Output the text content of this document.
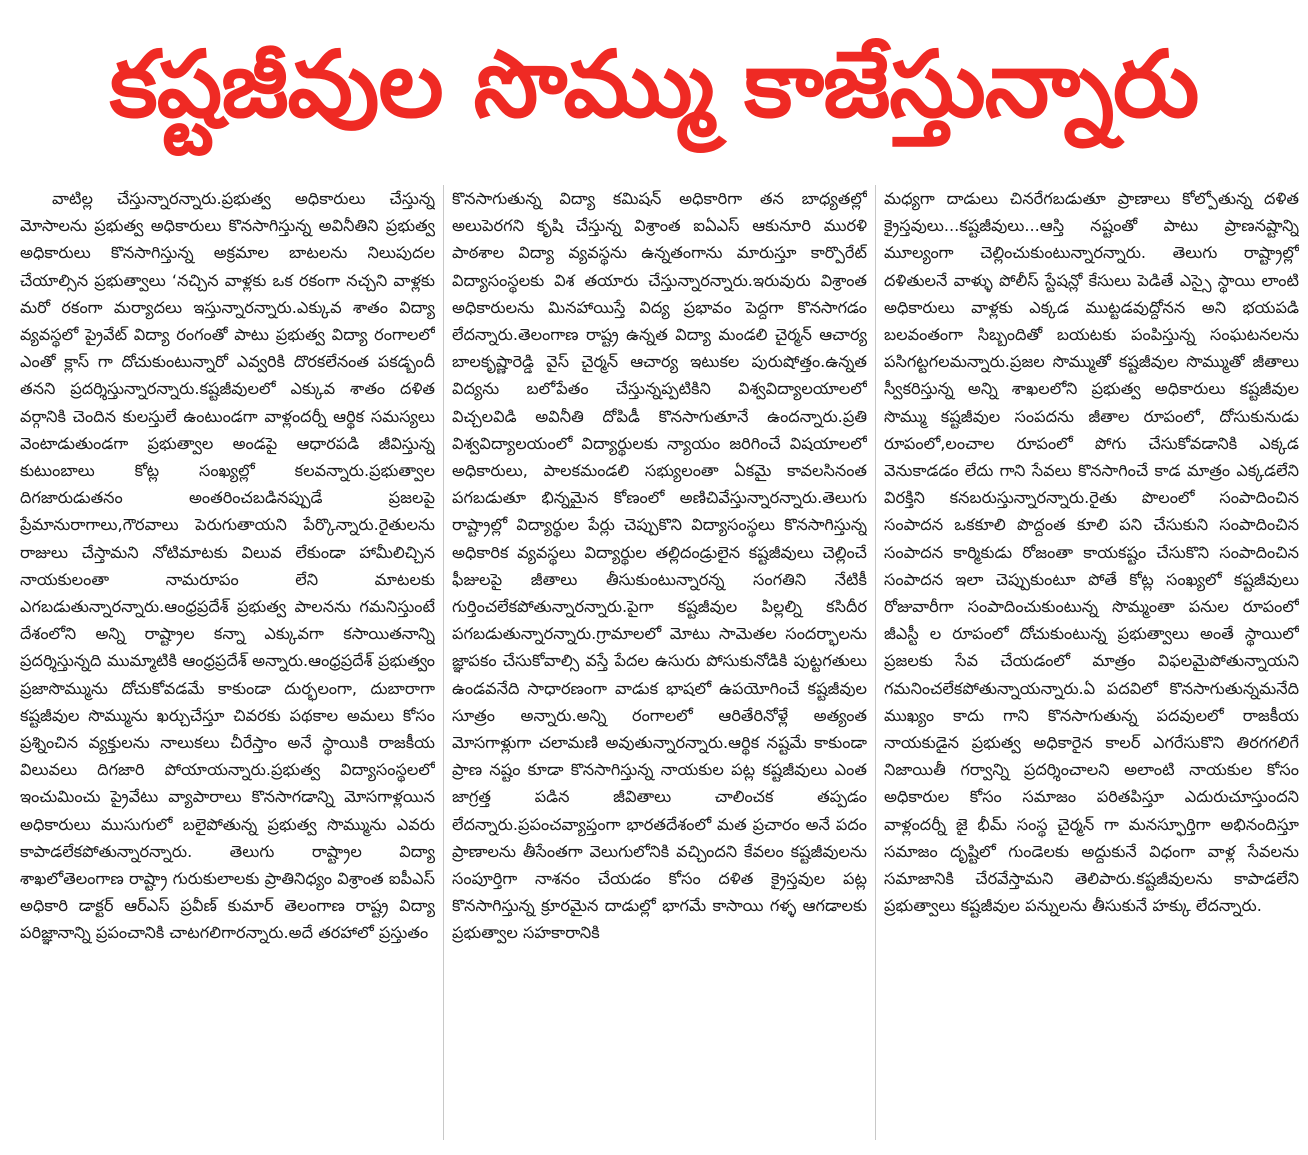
కష్టజీవుల సొమ్ము కాజేస్తున్నారు

వాటిల్ల చేస్తున్నారన్నారు.ప్రభుత్వ అధికారులు చేస్తున్న మోసాలను ప్రభుత్వ అధికారులు కొనసాగిస్తున్న అవినీతిని ప్రభుత్వ అధికారులు కొనసాగిస్తున్న అక్రమాల బాటలను నిలుపుదల చేయాల్సిన ప్రభుత్వాలు ‘నచ్చిన వాళ్లకు ఒక రకంగా నచ్చని వాళ్లకు మరో రకంగా మర్యాదలు ఇస్తున్నారన్నారు.ఎక్కువ శాతం విద్యా వ్యవస్థలో ప్రైవేట్ విద్యా రంగంతో పాటు ప్రభుత్వ విద్యా రంగాలలో ఎంతో క్లాస్ గా దోచుకుంటున్నారో ఎవ్వరికి దొరకలేనంత పకడ్బందీ తనని ప్రదర్శిస్తున్నారన్నారు.కష్టజీవులలో ఎక్కువ శాతం దళిత వర్గానికి చెందిన కులస్తులే ఉంటుండగా వాళ్లందర్నీ ఆర్థిక సమస్యలు వెంటాడుతుండగా ప్రభుత్వాల అండపై ఆధారపడి జీవిస్తున్న కుటుంబాలు కోట్ల సంఖ్యల్లో కలవన్నారు.ప్రభుత్వాల దిగజారుడుతనం అంతరించబడినప్పుడే ప్రజలపై ప్రేమానురాగాలు,గౌరవాలు పెరుగుతాయని పేర్కొన్నారు.రైతులను రాజులు చేస్తామని నోటిమాటకు విలువ లేకుండా హామీలిచ్చిన నాయకులంతా నామరూపం లేని మాటలకు ఎగబడుతున్నారన్నారు.ఆంధ్రప్రదేశ్ ప్రభుత్వ పాలనను గమనిస్తుంటే దేశంలోని అన్ని రాష్ట్రాల కన్నా ఎక్కువగా కసాయితనాన్ని ప్రదర్శిస్తున్నది ముమ్మాటికి ఆంధ్రప్రదేశ్ అన్నారు.ఆంధ్రప్రదేశ్ ప్రభుత్వం ప్రజాసొమ్మును దోచుకోవడమే కాకుండా దుర్భలంగా, దుబారాగా కష్టజీవుల సొమ్మును ఖర్చుచేస్తూ చివరకు పథకాల అమలు కోసం ప్రశ్నించిన వ్యక్తులను నాలుకలు చీరేస్తాం అనే స్థాయికి రాజకీయ విలువలు దిగజారి పోయాయన్నారు.ప్రభుత్వ విద్యాసంస్థలలో ఇంచుమించు ప్రైవేటు వ్యాపారాలు కొనసాగడాన్ని మోసగాళ్లయిన అధికారులు ముసుగులో బలైపోతున్న ప్రభుత్వ సొమ్మును ఎవరు కాపాడలేకపోతున్నారన్నారు. తెలుగు రాష్ట్రాల విద్యా శాఖలోతెలంగాణ రాష్ట్రా గురుకులాలకు ప్రాతినిధ్యం విశ్రాంత ఐపీఎస్ అధికారి డాక్టర్ ఆర్ఎస్ ప్రవీణ్ కుమార్ తెలంగాణ రాష్ట్ర విద్యా పరిజ్ఞానాన్ని ప్రపంచానికి చాటగలిగారన్నారు.అదే తరహాలో ప్రస్తుతం

కొనసాగుతున్న విద్యా కమిషన్ అధికారిగా తన బాధ్యతల్లో అలుపెరగని కృషి చేస్తున్న విశ్రాంత ఐఏఎస్ ఆకునూరి మురళి పాఠశాల విద్యా వ్యవస్థను ఉన్నతంగాను మారుస్తూ కార్పొరేట్ విద్యాసంస్థలకు విశ తయారు చేస్తున్నారన్నారు.ఇరువురు విశ్రాంత అధికారులను మినహాయిస్తే విద్య ప్రభావం పెద్దగా కొనసాగడం లేదన్నారు.తెలంగాణ రాష్ట్ర ఉన్నత విద్యా మండలి చైర్మన్ ఆచార్య బాలకృష్ణారెడ్డి వైస్ చైర్మన్ ఆచార్య ఇటుకల పురుషోత్తం.ఉన్నత విద్యను బలోపేతం చేస్తున్నప్పటికిని విశ్వవిద్యాలయాలలో విచ్చలవిడి అవినీతి దోపిడీ కొనసాగుతూనే ఉందన్నారు.ప్రతి విశ్వవిద్యాలయంలో విద్యార్థులకు న్యాయం జరిగించే విషయాలలో అధికారులు, పాలకమండలి సభ్యులంతా ఏకమై కావలసినంత పగబడుతూ భిన్నమైన కోణంలో అణిచివేస్తున్నారన్నారు.తెలుగు రాష్ట్రాల్లో విద్యార్థుల పేర్లు చెప్పుకొని విద్యాసంస్థలు కొనసాగిస్తున్న అధికారిక వ్యవస్థలు విద్యార్థుల తల్లిదండ్రులైన కష్టజీవులు చెల్లించే ఫీజులపై జీతాలు తీసుకుంటున్నారన్న సంగతిని నేటికీ గుర్తించలేకపోతున్నారన్నారు.పైగా కష్టజీవుల పిల్లల్ని కసిదీర పగబడుతున్నారన్నారు.గ్రామాలలో మోటు సామెతల సందర్భాలను జ్ఞాపకం చేసుకోవాల్సి వస్తే పేదల ఉసురు పోసుకునోడికి పుట్టగతులు ఉండవనేది సాధారణంగా వాడుక భాషలో ఉపయోగించే కష్టజీవుల సూత్రం అన్నారు.అన్ని రంగాలలో ఆరితేరినోళ్లే అత్యంత మోసగాళ్లుగా చలామణి అవుతున్నారన్నారు.ఆర్థిక నష్టమే కాకుండా ప్రాణ నష్టం కూడా కొనసాగిస్తున్న నాయకుల పట్ల కష్టజీవులు ఎంత జాగ్రత్త పడిన జీవితాలు చాలించక తప్పడం లేదన్నారు.ప్రపంచవ్యాప్తంగా భారతదేశంలో మత ప్రచారం అనే పదం ప్రాణాలను తీసేంతగా వెలుగులోనికి వచ్చిందని కేవలం కష్టజీవులను సంపూర్తిగా నాశనం చేయడం కోసం దళిత క్రైస్తవుల పట్ల కొనసాగిస్తున్న క్రూరమైన దాడుల్లో భాగమే కాసాయి గళ్ళ ఆగడాలకు ప్రభుత్వాల సహకారానికి

మధ్యగా దాడులు చినరేగబడుతూ ప్రాణాలు కోల్పోతున్న దళిత క్రైస్తవులు...కష్టజీవులు...ఆస్తి నష్టంతో పాటు ప్రాణనష్టాన్ని మూల్యంగా చెల్లించుకుంటున్నారన్నారు. తెలుగు రాష్ట్రాల్లో దళితులనే వాళ్ళు పోలీస్ స్టేషన్లో కేసులు పెడితే ఎస్సై స్థాయి లాంటి అధికారులు వాళ్లకు ఎక్కడ ముట్టడవుద్దోనన అని భయపడి బలవంతంగా సిబ్బందితో బయటకు పంపిస్తున్న సంఘటనలను పసిగట్టగలమన్నారు.ప్రజల సొమ్ముతో కష్టజీవుల సొమ్ముతో జీతాలు స్వీకరిస్తున్న అన్ని శాఖలలోని ప్రభుత్వ అధికారులు కష్టజీవుల సొమ్ము కష్టజీవుల సంపదను జీతాల రూపంలో, దోసుకునుడు రూపంలో,లంచాల రూపంలో పోగు చేసుకోవడానికి ఎక్కడ వెనుకాడడం లేదు గాని సేవలు కొనసాగించే కాడ మాత్రం ఎక్కడలేని విరక్తిని కనబరుస్తున్నారన్నారు.రైతు పొలంలో సంపాదించిన సంపాదన ఒకకూలి పొద్దంత కూలి పని చేసుకుని సంపాదించిన సంపాదన కార్మికుడు రోజంతా కాయకష్టం చేసుకొని సంపాదించిన సంపాదన ఇలా చెప్పుకుంటూ పోతే కోట్ల సంఖ్యలో కష్టజీవులు రోజువారీగా సంపాదించుకుంటున్న సొమ్మంతా పనుల రూపంలో జీఎస్టీ ల రూపంలో దోచుకుంటున్న ప్రభుత్వాలు అంతే స్థాయిలో ప్రజలకు సేవ చేయడంలో మాత్రం విఫలమైపోతున్నాయని గమనించలేకపోతున్నాయన్నారు.ఏ పదవిలో కొనసాగుతున్నమనేది ముఖ్యం కాదు గాని కొనసాగుతున్న పదవులలో రాజకీయ నాయకుడైన ప్రభుత్వ అధికారైన కాలర్ ఎగరేసుకొని తిరగగలిగే నిజాయితీ గర్వాన్ని ప్రదర్శించాలని అలాంటి నాయకుల కోసం అధికారుల కోసం సమాజం పరితపిస్తూ ఎదురుచూస్తుందని వాళ్లందర్నీ జై భీమ్ సంస్థ చైర్మన్ గా మనస్ఫూర్తిగా అభినందిస్తూ సమాజం దృష్టిలో గుండెలకు అద్దుకునే విధంగా వాళ్ల సేవలను సమాజానికి చేరవేస్తామని తెలిపారు.కష్టజీవులను కాపాడలేని ప్రభుత్వాలు కష్టజీవుల పన్నులను తీసుకునే హక్కు లేదన్నారు.
